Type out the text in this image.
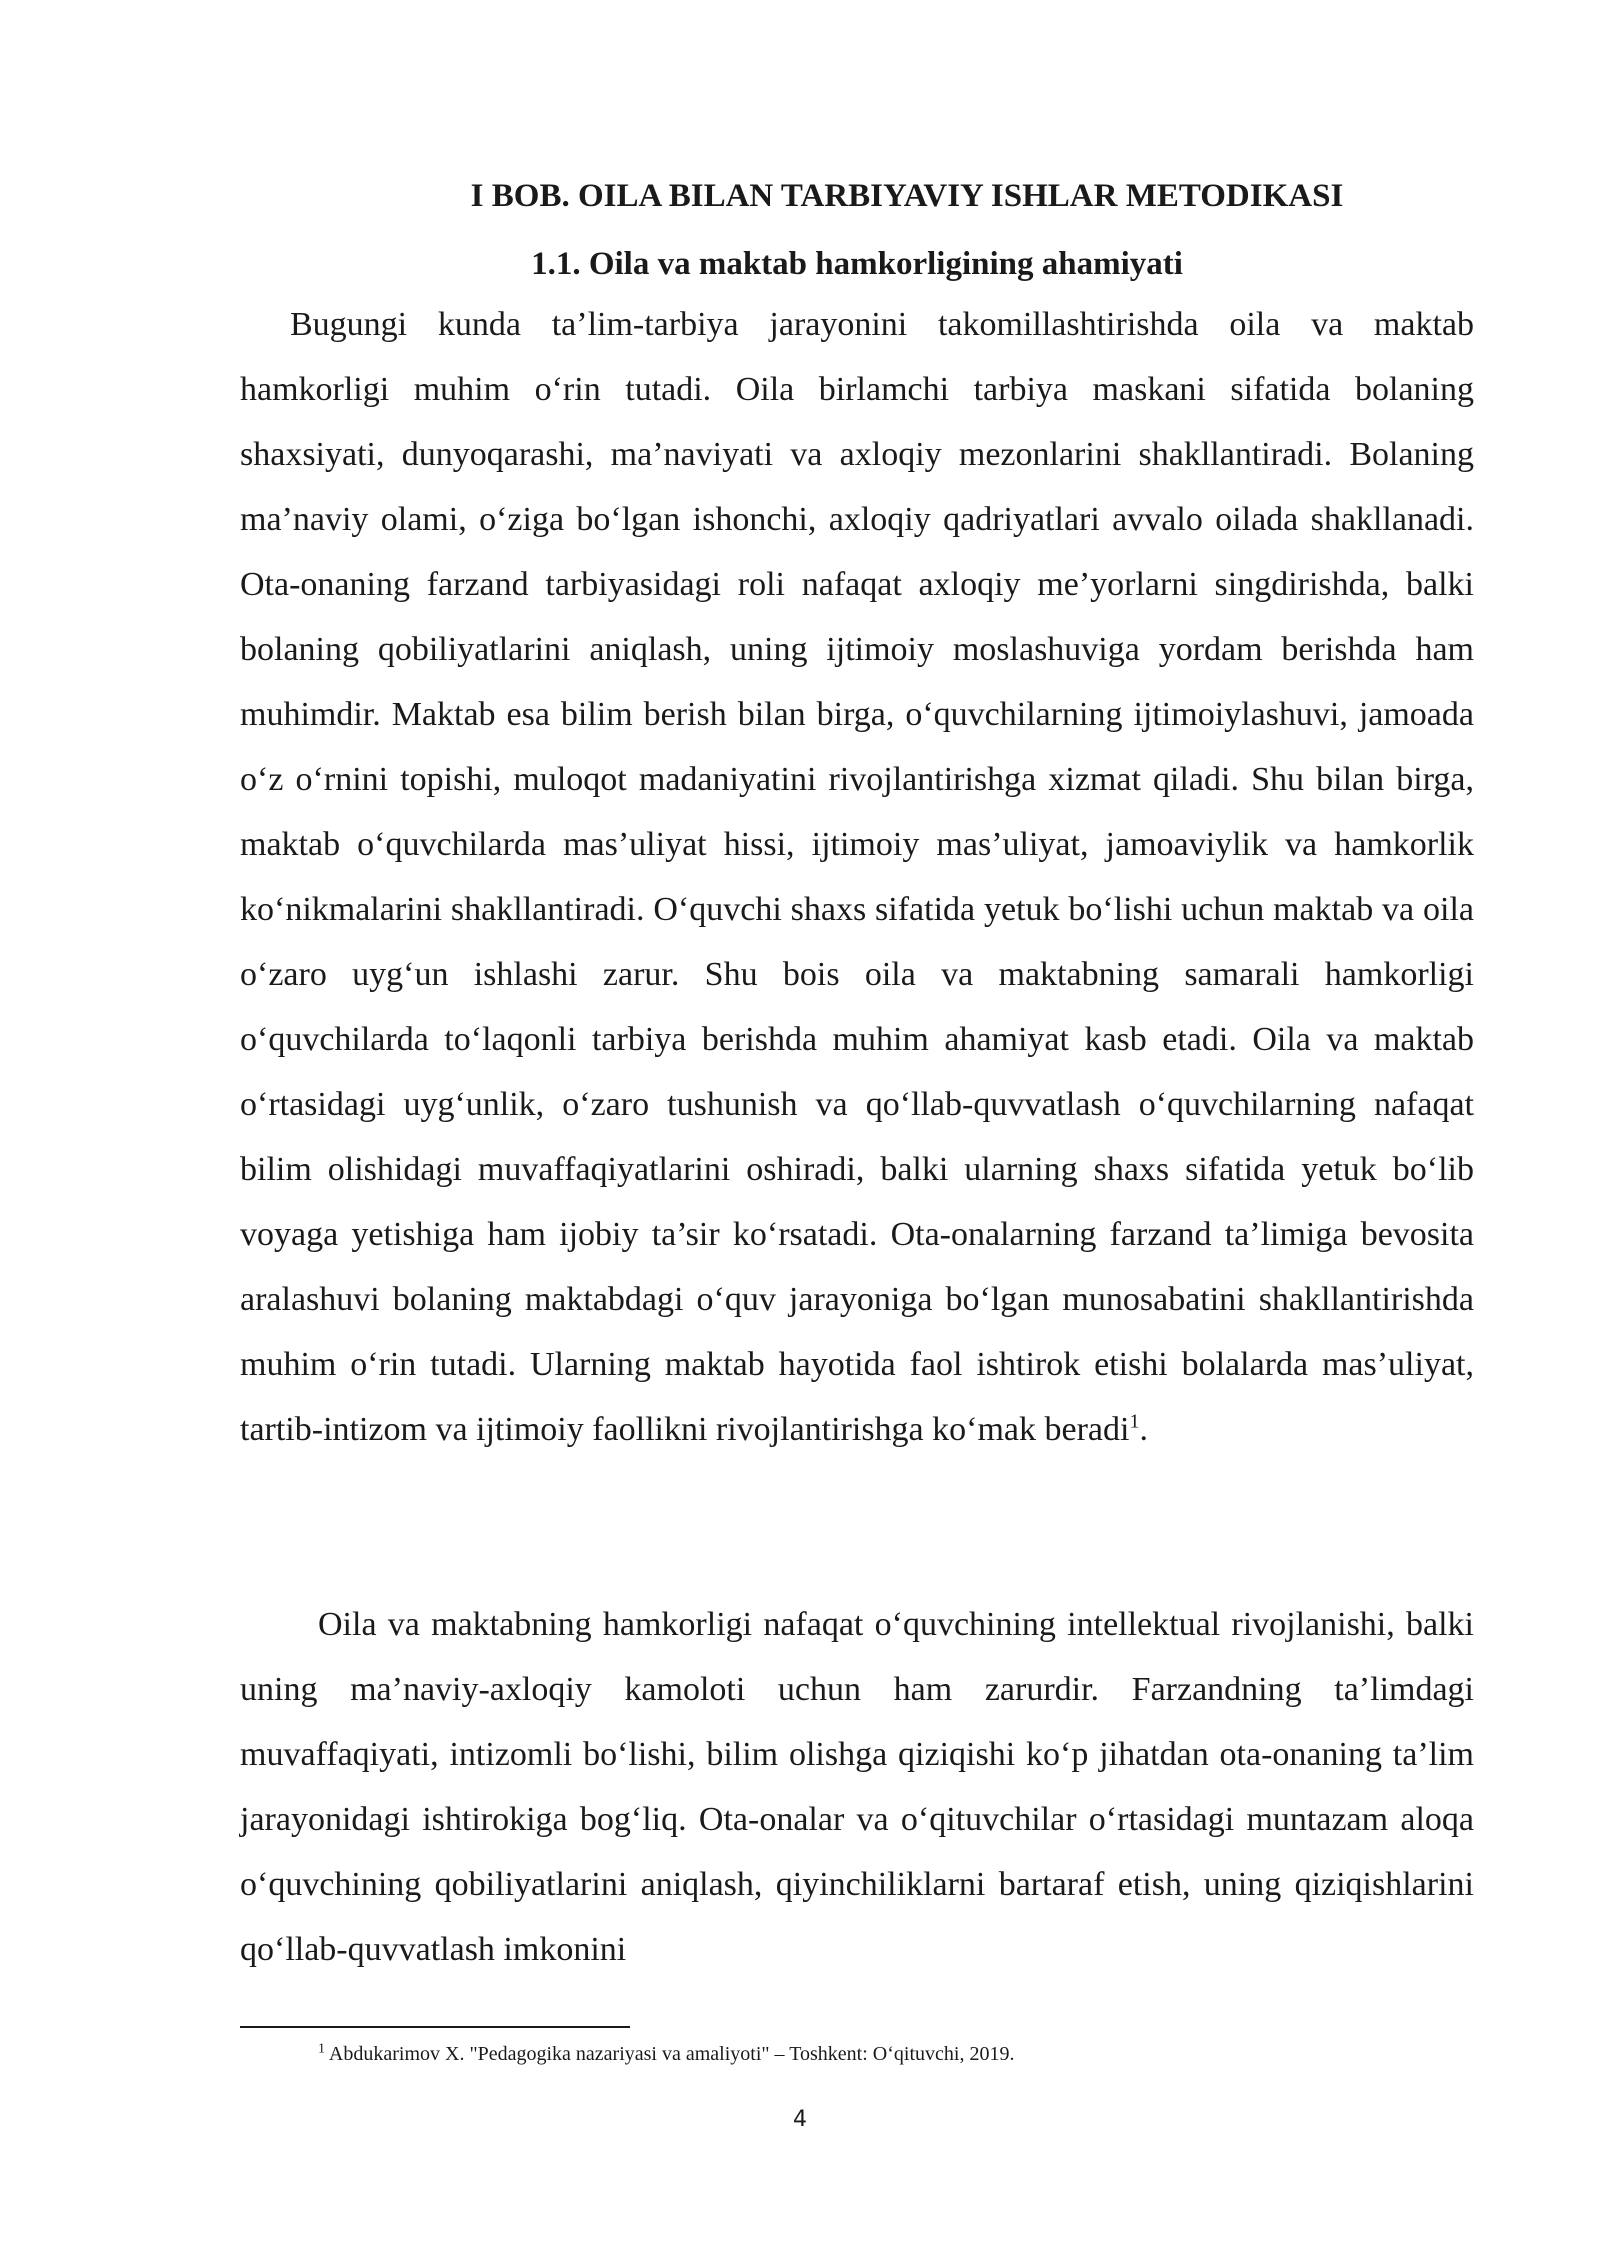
I BOB. OILA BILAN TARBIYAVIY ISHLAR METODIKASI
1.1. Oila va maktab hamkorligining ahamiyati

Bugungi kunda ta’lim-tarbiya jarayonini takomillashtirishda oila va maktab hamkorligi muhim o‘rin tutadi. Oila birlamchi tarbiya maskani sifatida bolaning shaxsiyati, dunyoqarashi, ma’naviyati va axloqiy mezonlarini shakllantiradi. Bolaning ma’naviy olami, o‘ziga bo‘lgan ishonchi, axloqiy qadriyatlari avvalo oilada shakllanadi. Ota-onaning farzand tarbiyasidagi roli nafaqat axloqiy me’yorlarni singdirishda, balki bolaning qobiliyatlarini aniqlash, uning ijtimoiy moslashuviga yordam berishda ham muhimdir. Maktab esa bilim berish bilan birga, o‘quvchilarning ijtimoiylashuvi, jamoada o‘z o‘rnini topishi, muloqot madaniyatini rivojlantirishga xizmat qiladi. Shu bilan birga, maktab o‘quvchilarda mas’uliyat hissi, ijtimoiy mas’uliyat, jamoaviylik va hamkorlik ko‘nikmalarini shakllantiradi. O‘quvchi shaxs sifatida yetuk bo‘lishi uchun maktab va oila o‘zaro uyg‘un ishlashi zarur. Shu bois oila va maktabning samarali hamkorligi o‘quvchilarda to‘laqonli tarbiya berishda muhim ahamiyat kasb etadi. Oila va maktab o‘rtasidagi uyg‘unlik, o‘zaro tushunish va qo‘llab-quvvatlash o‘quvchilarning nafaqat bilim olishidagi muvaffaqiyatlarini oshiradi, balki ularning shaxs sifatida yetuk bo‘lib voyaga yetishiga ham ijobiy ta’sir ko‘rsatadi. Ota-onalarning farzand ta’limiga bevosita aralashuvi bolaning maktabdagi o‘quv jarayoniga bo‘lgan munosabatini shakllantirishda muhim o‘rin tutadi. Ularning maktab hayotida faol ishtirok etishi bolalarda mas’uliyat, tartib-intizom va ijtimoiy faollikni rivojlantirishga ko‘mak beradi$^1$.

Oila va maktabning hamkorligi nafaqat o‘quvchining intellektual rivojlanishi, balki uning ma’naviy-axloqiy kamoloti uchun ham zarurdir. Farzandning ta’limdagi muvaffaqiyati, intizomli bo‘lishi, bilim olishga qiziqishi ko‘p jihatdan ota-onaning ta’lim jarayonidagi ishtirokiga bog‘liq. Ota-onalar va o‘qituvchilar o‘rtasidagi muntazam aloqa o‘quvchining qobiliyatlarini aniqlash, qiyinchiliklarni bartaraf etish, uning qiziqishlarini qo‘llab-quvvatlash imkonini

$^1$ Abdukarimov X. "Pedagogika nazariyasi va amaliyoti" – Toshkent: O‘qituvchi, 2019.

4
